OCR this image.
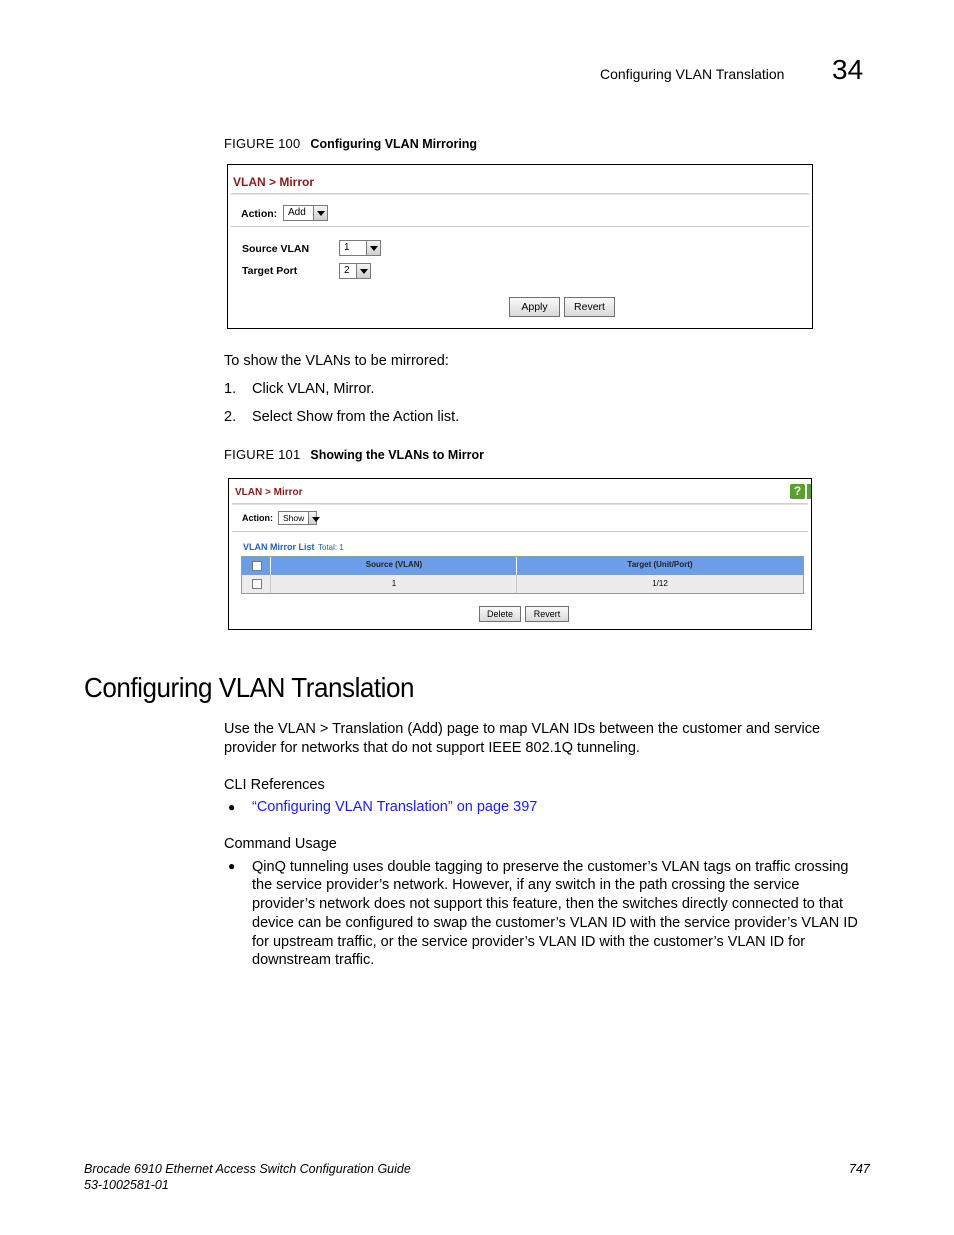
Configuring VLAN Translation 34
FIGURE 100 Configuring VLAN Mirroring
VLAN > Mirror
Action:	Add
Source VLAN	1
Target Port	2
Apply	Revert
To show the VLANs to be mirrored:
1. Click VLAN, Mirror.
2. Select Show from the Action list.
FIGURE 101 Showing the VLANs to Mirror
VLAN > Mirror	?
Action:	Show
VLAN Mirror List Total: 1
Source (VLAN)	Target (Unit/Port)
1	1/12
Delete	Revert
Configuring VLAN Translation
Use the VLAN > Translation (Add) page to map VLAN IDs between the customer and service
provider for networks that do not support IEEE 802.1Q tunneling.
CLI References
● “Configuring VLAN Translation” on page 397
Command Usage
● QinQ tunneling uses double tagging to preserve the customer’s VLAN tags on traffic crossing
the service provider’s network. However, if any switch in the path crossing the service
provider’s network does not support this feature, then the switches directly connected to that
device can be configured to swap the customer’s VLAN ID with the service provider’s VLAN ID
for upstream traffic, or the service provider’s VLAN ID with the customer’s VLAN ID for
downstream traffic.
Brocade 6910 Ethernet Access Switch Configuration Guide
53-1002581-01
747
